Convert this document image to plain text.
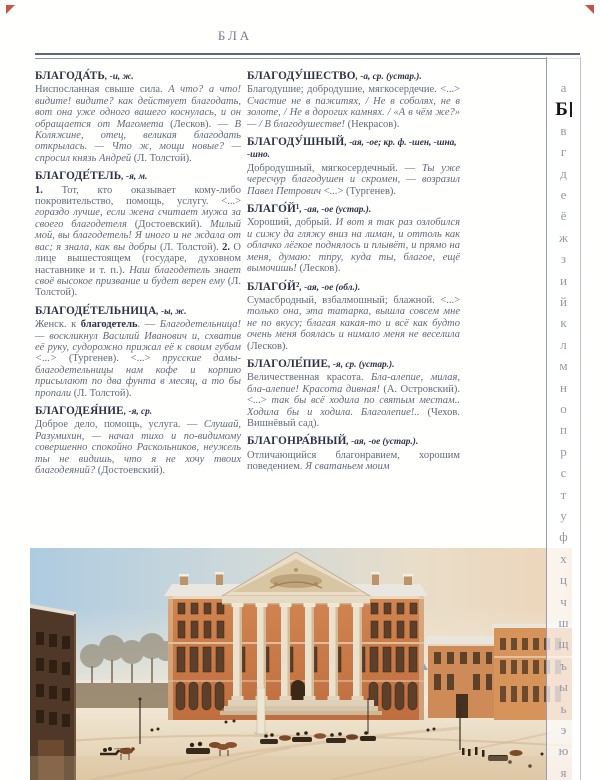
БЛА
БЛАГОДА́ТЬ, -и, ж.
Ниспосланная свыше сила. А что? а что! видите! видите? как действует благодать, вот она уже одного вашего коснулась, и он обращается от Магомета (Лесков). — В Коляжине, отец, великая благодать открылась. — Что ж, мощи новые? — спросил князь Андрей (Л. Толстой).
БЛАГОДЕ́ТЕЛЬ, -я, м.
1. Тот, кто оказывает кому-либо покровительство, помощь, услугу. <...> гораздо лучше, если жена считает мужа за своего благодетеля (Достоевский). Милый мой, вы благодетель! Я иного и не ждала от вас; я знала, как вы добры (Л. Толстой). 2. О лице вышестоящем (государе, духовном наставнике и т. п.). Наш благодетель знает своё высокое призвание и будет верен ему (Л. Толстой).
БЛАГОДЕ́ТЕЛЬНИЦА, -ы, ж.
Женск. к благодетель. — Благодетельница! — воскликнул Василий Иванович и, схватив её руку, судорожно прижал её к своим губам <...> (Тургенев). <...> прусские дамы-благодетельницы нам кофе и корпию присылают по два фунта в месяц, а то бы пропали (Л. Толстой).
БЛАГОДЕЯ́НИЕ, -я, ср.
Доброе дело, помощь, услуга. — Слушай, Разумихин, — начал тихо и по-видимому совершенно спокойно Раскольников, неужель ты не видишь, что я не хочу твоих благодеяний? (Достоевский).
БЛАГОДУ́ШЕСТВО, -а, ср. (устар.).
Благодушие; добродушие, мягкосердечие. <...> Счастие не в пажитях, / Не в соболях, не в золоте, / Не в дорогих камнях. / «А в чём же?» — / В благодушестве! (Некрасов).
БЛАГОДУ́ШНЫЙ, -ая, -ое; кр. ф. -шен, -шна, -шно.
Добродушный, мягкосердечный. — Ты уже чересчур благодушен и скромен, — возразил Павел Петрович <...> (Тургенев).
БЛАГО́Й¹, -ая, -ое (устар.).
Хороший, добрый. И вот я так раз озлобился и сижу да гляжу вниз на лиман, и оттоль как облачко лёгкое поднялось и плывёт, и прямо на меня, думаю: тпру, куда ты, благое, ещё вымочишь! (Лесков).
БЛАГО́Й², -ая, -ое (обл.).
Сумасбродный, взбалмошный; блажной. <...> только она, эта татарка, вышла совсем мне не по вкусу; благая какая-то и всё как будто очень меня боялась и нимало меня не веселила (Лесков).
БЛАГОЛЕ́ПИЕ, -я, ср. (устар.).
Величественная красота. Бла-алепие, милая, бла-алепие! Красота дивная! (А. Островский). <...> так бы всё ходила по святым местам.. Ходила бы и ходила. Благолепие!.. (Чехов. Вишнёвый сад).
БЛАГОНРА́ВНЫЙ, -ая, -ое (устар.).
Отличающийся благонравием, хорошим поведением. Я сватаньем моим
а
Б
в
г
д
е
ё
ж
з
и
й
к
л
м
н
о
п
р
с
т
у
ф
х
ц
ч
ш
щ
ъ
ы
ь
э
ю
я
